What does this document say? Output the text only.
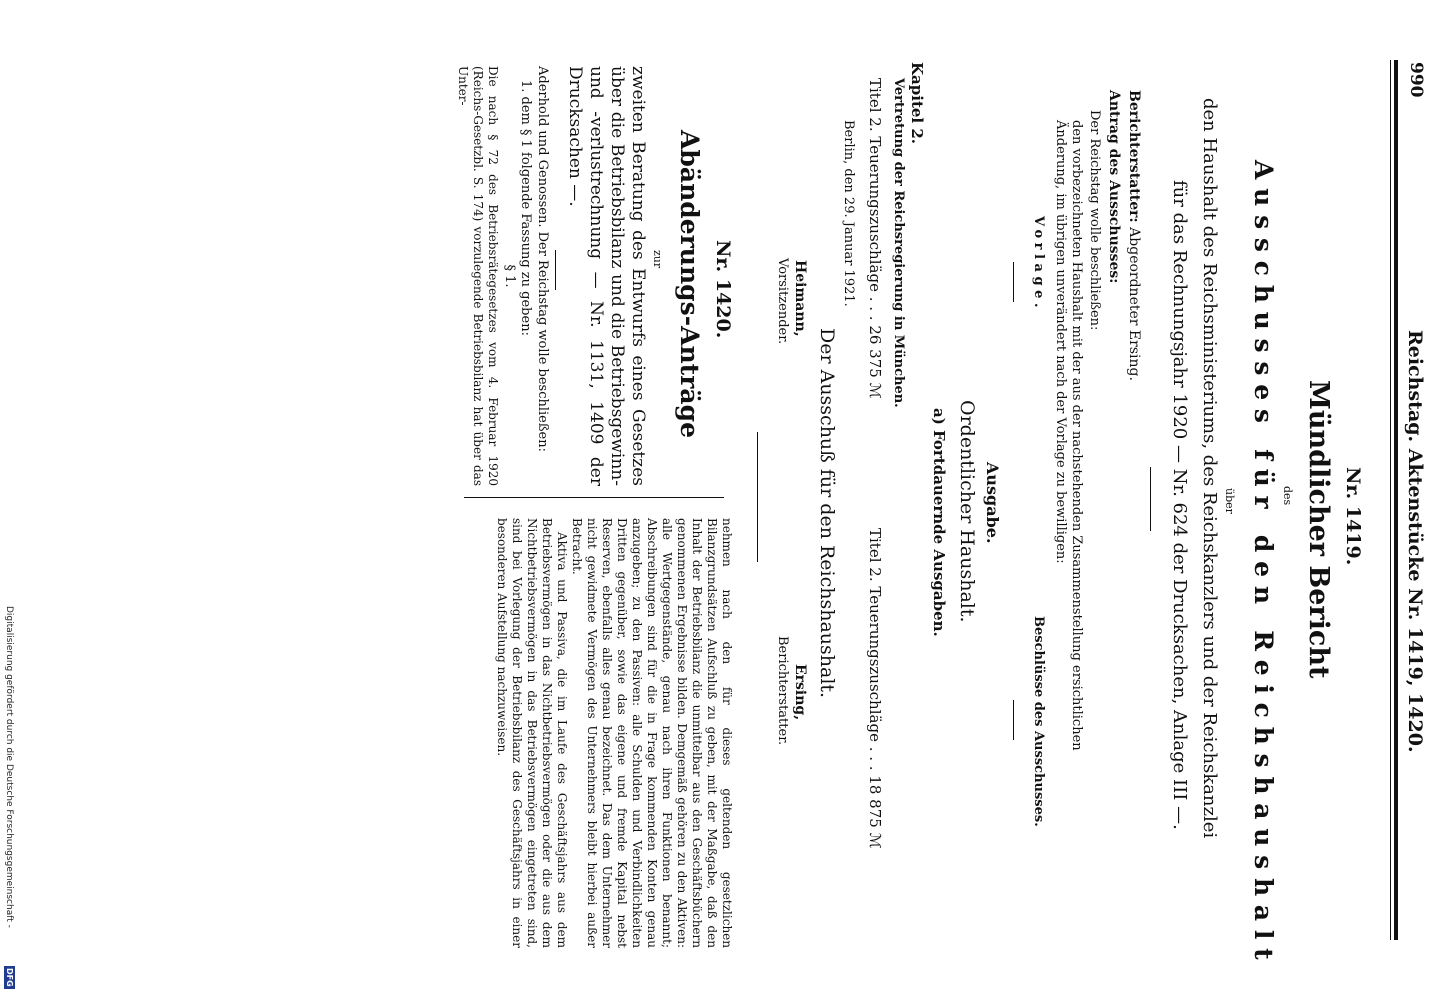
990
Reichstag. Aktenstücke Nr. 1419, 1420.
Nr. 1419.
Mündlicher Bericht
des
Ausschusses für den Reichshaushalt
über
den Haushalt des Reichsministeriums, des Reichskanzlers und der Reichskanzlei
für das Rechnungsjahr 1920 — Nr. 624 der Drucksachen, Anlage III —.
Berichterstatter: Abgeordneter Ersing.
Antrag des Ausschusses:
Der Reichstag wolle beschließen:
den vorbezeichneten Haushalt mit der aus der nachstehenden Zusammenstellung ersichtlichen
Änderung, im übrigen unverändert nach der Vorlage zu bewilligen:
Vorlage.
Beschlüsse des Ausschusses.
Ausgabe.
Ordentlicher Haushalt.
a) Fortdauernde Ausgaben.
Kapitel 2.
Vertretung der Reichsregierung in München.
Titel 2. Teuerungszuschläge . . . 26 375 ℳ
Titel 2. Teuerungszuschläge . . . 18 875 ℳ
Berlin, den 29. Januar 1921.
Der Ausschuß für den Reichshaushalt.
Heimann,
Vorsitzender.
Ersing,
Berichterstatter.
Nr. 1420.
Abänderungs-Anträge
zur

zweiten Beratung des Entwurfs eines Gesetzes über die Betriebsbilanz und die Betriebsgewinn- und -verlustrechnung — Nr. 1131, 1409 der Drucksachen —.

Aderhold und Genossen. Der Reichstag wolle beschließen:

1. dem § 1 folgende Fassung zu geben:

§ 1.

Die nach § 72 des Betriebsrätegesetzes vom 4. Februar 1920 (Reichs-Gesetzbl. S. 174) vorzulegende Betriebsbilanz hat über das Unter-

nehmen nach den für dieses geltenden gesetzlichen Bilanzgrundsätzen Aufschluß zu geben, mit der Maßgabe, daß den Inhalt der Betriebsbilanz die unmittelbar aus den Geschäftsbüchern genommenen Ergebnisse bilden. Demgemäß gehören zu den Aktiven: alle Wertgegenstände, genau nach ihren Funktionen benannt; Abschreibungen sind für die in Frage kommenden Konten genau anzugeben; zu den Passiven: alle Schulden und Verbindlichkeiten Dritten gegenüber, sowie das eigene und fremde Kapital nebst Reserven, ebenfalls alles genau bezeichnet. Das dem Unternehmer nicht gewidmete Vermögen des Unternehmers bleibt hierbei außer Betracht.

Aktiva und Passiva, die im Laufe des Geschäftsjahrs aus dem Betriebsvermögen in das Nichtbetriebsvermögen oder die aus dem Nichtbetriebsvermögen in das Betriebsvermögen eingetreten sind, sind bei Vorlegung der Betriebsbilanz des Geschäftsjahrs in einer besonderen Aufstellung nachzuweisen.

Digitalisierung gefördert durch die Deutsche Forschungsgemeinschaft -
DFG
